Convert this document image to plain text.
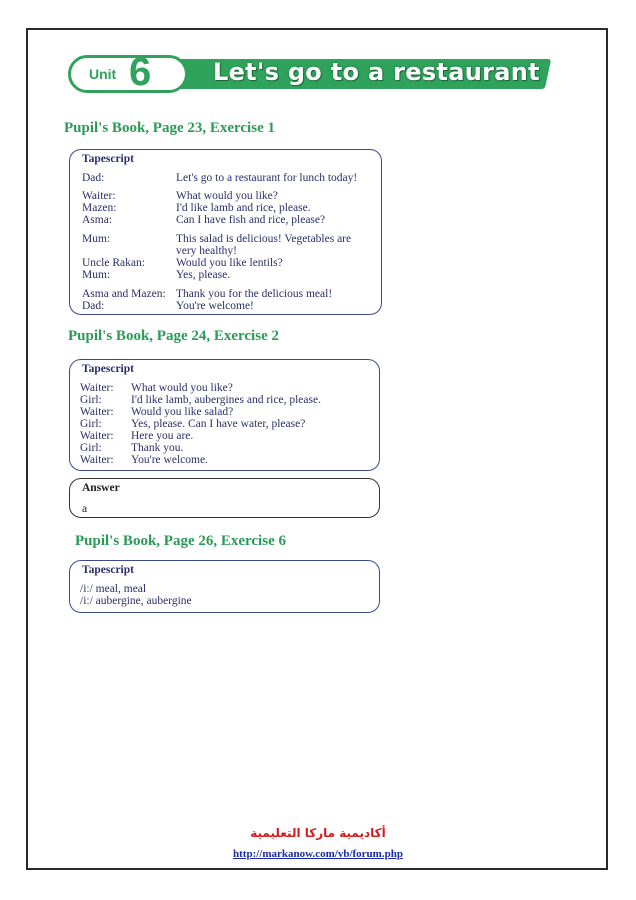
Unit 6	Let's go to a restaurant
Pupil's Book, Page 23, Exercise 1
Tapescript
Dad:	Let's go to a restaurant for lunch today!
Waiter:	What would you like?
Mazen:	I'd like lamb and rice, please.
Asma:	Can I have fish and rice, please?
Mum:	This salad is delicious! Vegetables are
very healthy!
Uncle Rakan:	Would you like lentils?
Mum:	Yes, please.
Asma and Mazen: Thank you for the delicious meal!
Dad:	You're welcome!
Pupil's Book, Page 24, Exercise 2
Tapescript
Waiter: What would you like?
Girl:	I'd like lamb, aubergines and rice, please.
Waiter: Would you like salad?
Girl:	Yes, please. Can I have water, please?
Waiter: Here you are.
Girl:	Thank you.
Waiter: You're welcome.
Answer
a
Pupil's Book, Page 26, Exercise 6
Tapescript
/iː/ meal, meal
/iː/ aubergine, aubergine
أكاديمية ماركا التعليمية
http://markanow.com/vb/forum.php
